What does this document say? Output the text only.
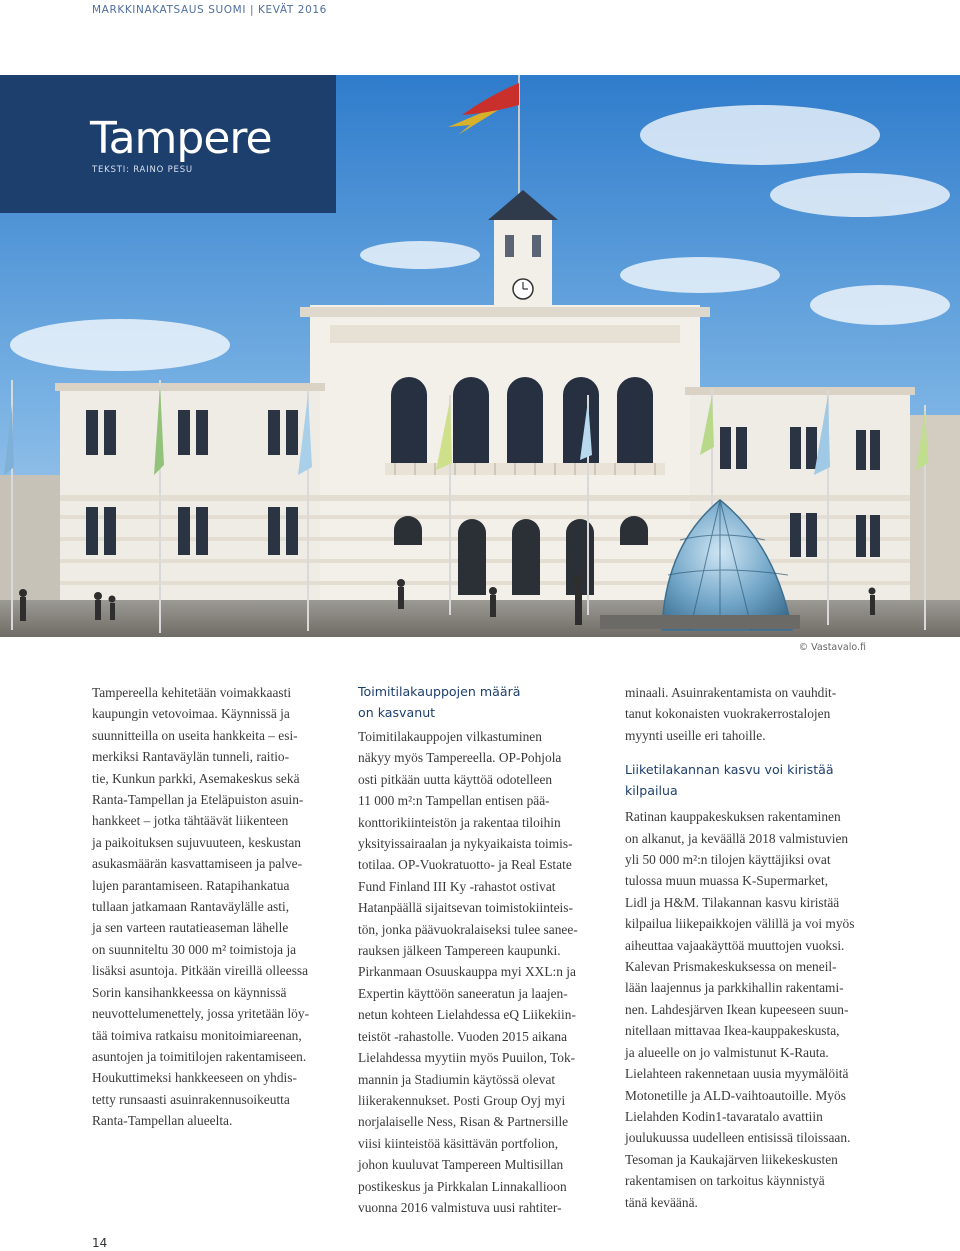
MARKKINAKATSAUS SUOMI | KEVÄT 2016
Tampere
TEKSTI: RAINO PESU
© Vastavalo.fi
Tampereella kehitetään voimakkaasti
kaupungin vetovoimaa. Käynnissä ja
suunnitteilla on useita hankkeita – esi-
merkiksi Rantaväylän tunneli, raitio-
tie, Kunkun parkki, Asemakeskus sekä
Ranta-Tampellan ja Eteläpuiston asuin-
hankkeet – jotka tähtäävät liikenteen
ja paikoituksen sujuvuuteen, keskustan
asukasmäärän kasvattamiseen ja palve-
lujen parantamiseen. Ratapihankatua
tullaan jatkamaan Rantaväylälle asti,
ja sen varteen rautatieaseman lähelle
on suunniteltu 30 000 m² toimistoja ja
lisäksi asuntoja. Pitkään vireillä olleessa
Sorin kansihankkeessa on käynnissä
neuvottelumenettely, jossa yritetään löy-
tää toimiva ratkaisu monitoimiareenan,
asuntojen ja toimitilojen rakentamiseen.
Houkuttimeksi hankkeeseen on yhdis-
tetty runsaasti asuinrakennusoikeutta
Ranta-Tampellan alueelta.
Toimitilakauppojen määrä
on kasvanut
Toimitilakauppojen vilkastuminen
näkyy myös Tampereella. OP-Pohjola
osti pitkään uutta käyttöä odotelleen
11 000 m²:n Tampellan entisen pää-
konttorikiinteistön ja rakentaa tiloihin
yksityissairaalan ja nykyaikaista toimis-
totilaa. OP-Vuokratuotto- ja Real Estate
Fund Finland III Ky -rahastot ostivat
Hatanpäällä sijaitsevan toimistokiinteis-
tön, jonka päävuokralaiseksi tulee sanee-
rauksen jälkeen Tampereen kaupunki.
Pirkanmaan Osuuskauppa myi XXL:n ja
Expertin käyttöön saneeratun ja laajen-
netun kohteen Lielahdessa eQ Liikekiin-
teistöt -rahastolle. Vuoden 2015 aikana
Lielahdessa myytiin myös Puuilon, Tok-
mannin ja Stadiumin käytössä olevat
liikerakennukset. Posti Group Oyj myi
norjalaiselle Ness, Risan & Partnersille
viisi kiinteistöä käsittävän portfolion,
johon kuuluvat Tampereen Multisillan
postikeskus ja Pirkkalan Linnakallioon
vuonna 2016 valmistuva uusi rahtiter-
minaali. Asuinrakentamista on vauhdit-
tanut kokonaisten vuokrakerrostalojen
myynti useille eri tahoille.
Liiketilakannan kasvu voi kiristää
kilpailua
Ratinan kauppakeskuksen rakentaminen
on alkanut, ja keväällä 2018 valmistuvien
yli 50 000 m²:n tilojen käyttäjiksi ovat
tulossa muun muassa K-Supermarket,
Lidl ja H&M. Tilakannan kasvu kiristää
kilpailua liikepaikkojen välillä ja voi myös
aiheuttaa vajaakäyttöä muuttojen vuoksi.
Kalevan Prismakeskuksessa on meneil-
lään laajennus ja parkkihallin rakentami-
nen. Lahdesjärven Ikean kupeeseen suun-
nitellaan mittavaa Ikea-kauppakeskusta,
ja alueelle on jo valmistunut K-Rauta.
Lielahteen rakennetaan uusia myymälöitä
Motonetille ja ALD-vaihtoautoille. Myös
Lielahden Kodin1-tavaratalo avattiin
joulukuussa uudelleen entisissä tiloissaan.
Tesoman ja Kaukajärven liikekeskusten
rakentamisen on tarkoitus käynnistyä
tänä keväänä.
14
